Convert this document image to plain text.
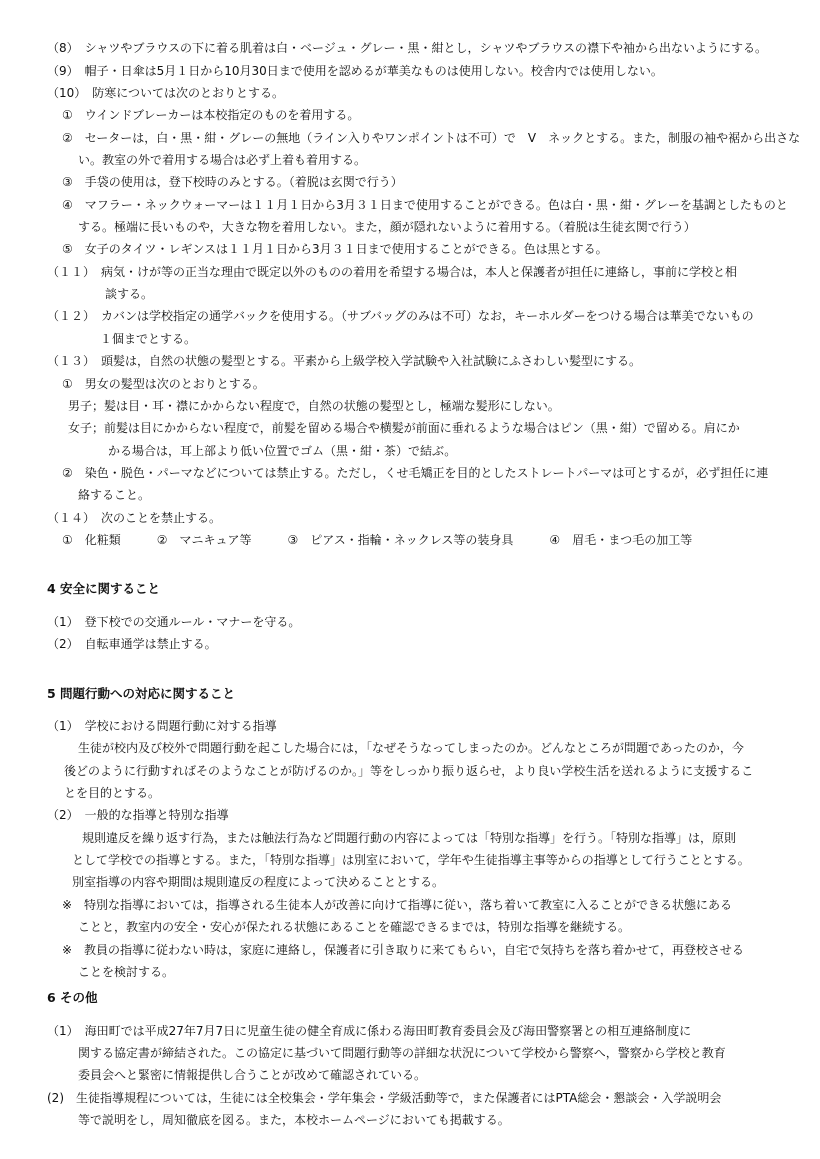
（8）　シャツやブラウスの下に着る肌着は白・ベージュ・グレー・黒・紺とし，シャツやブラウスの襟下や袖から出ないようにする。
（9）　帽子・日傘は5月１日から10月30日まで使用を認めるが華美なものは使用しない。校舎内では使用しない。
（10）　防寒については次のとおりとする。
①　ウインドブレーカーは本校指定のものを着用する。
②　セーターは，白・黒・紺・グレーの無地（ライン入りやワンポイントは不可）で　V　ネックとする。また，制服の袖や裾から出さな
い。教室の外で着用する場合は必ず上着も着用する。
③　手袋の使用は，登下校時のみとする。（着脱は玄関で行う）
④　マフラー・ネックウォーマーは１１月１日から3月３１日まで使用することができる。色は白・黒・紺・グレーを基調としたものと
する。極端に長いものや，大きな物を着用しない。また，顔が隠れないように着用する。（着脱は生徒玄関で行う）
⑤　女子のタイツ・レギンスは１１月１日から3月３１日まで使用することができる。色は黒とする。
（１１）　病気・けが等の正当な理由で既定以外のものの着用を希望する場合は，本人と保護者が担任に連絡し，事前に学校と相
談する。
（１２）　カバンは学校指定の通学バックを使用する。（サブバッグのみは不可）なお，キーホルダーをつける場合は華美でないもの
１個までとする。
（１３）　頭髪は，自然の状態の髪型とする。平素から上級学校入学試験や入社試験にふさわしい髪型にする。
①　男女の髪型は次のとおりとする。
男子；髪は目・耳・襟にかからない程度で，自然の状態の髪型とし，極端な髪形にしない。
女子；前髪は目にかからない程度で，前髪を留める場合や横髪が前面に垂れるような場合はピン（黒・紺）で留める。肩にか
かる場合は，耳上部より低い位置でゴム（黒・紺・茶）で結ぶ。
②　染色・脱色・パーマなどについては禁止する。ただし，くせ毛矯正を目的としたストレートパーマは可とするが，必ず担任に連
絡すること。
（１４）　次のことを禁止する。
①　化粧類　　　②　マニキュア等　　　③　ピアス・指輪・ネックレス等の装身具　　　④　眉毛・まつ毛の加工等
4 安全に関すること
（1）　登下校での交通ルール・マナーを守る。
（2）　自転車通学は禁止する。
5 問題行動への対応に関すること
（1）　学校における問題行動に対する指導
生徒が校内及び校外で問題行動を起こした場合には，「なぜそうなってしまったのか。どんなところが問題であったのか，今
後どのように行動すればそのようなことが防げるのか。」等をしっかり振り返らせ，より良い学校生活を送れるように支援するこ
とを目的とする。
（2）　一般的な指導と特別な指導
規則違反を繰り返す行為，または触法行為など問題行動の内容によっては「特別な指導」を行う。「特別な指導」は，原則
として学校での指導とする。また，「特別な指導」は別室において，学年や生徒指導主事等からの指導として行うこととする。
別室指導の内容や期間は規則違反の程度によって決めることとする。
※　特別な指導においては，指導される生徒本人が改善に向けて指導に従い，落ち着いて教室に入ることができる状態にある
ことと，教室内の安全・安心が保たれる状態にあることを確認できるまでは，特別な指導を継続する。
※　教員の指導に従わない時は，家庭に連絡し，保護者に引き取りに来てもらい，自宅で気持ちを落ち着かせて，再登校させる
ことを検討する。
6 その他
（1）　海田町では平成27年7月7日に児童生徒の健全育成に係わる海田町教育委員会及び海田警察署との相互連絡制度に
関する協定書が締結された。この協定に基づいて問題行動等の詳細な状況について学校から警察へ，警察から学校と教育
委員会へと緊密に情報提供し合うことが改めて確認されている。
(2)　生徒指導規程については，生徒には全校集会・学年集会・学級活動等で，また保護者にはPTA総会・懇談会・入学説明会
等で説明をし，周知徹底を図る。また，本校ホームページにおいても掲載する。
